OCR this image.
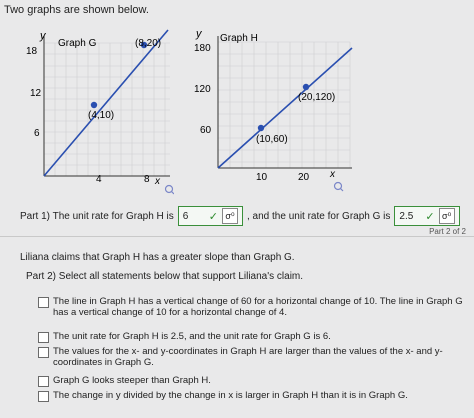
Two graphs are shown below.
y
x
Graph G
18
12
6
4	8
(4,10)
(8,20)
y
x
Graph H
180
120
60
10	20
(10,60)
(20,120)
Part 1) The unit rate for Graph H is 6	✓ σ⁰	, and the unit rate for Graph G is 2.5	✓ σ⁰
Part 2 of 2
Liliana claims that Graph H has a greater slope than Graph G.
Part 2) Select all statements below that support Liliana's claim.
The line in Graph H has a vertical change of 60 for a horizontal change of 10. The line in Graph G has a vertical change of 10 for a horizontal change of 4.
The unit rate for Graph H is 2.5, and the unit rate for Graph G is 6.
The values for the x- and y-coordinates in Graph H are larger than the values of the x- and y-coordinates in Graph G.
Graph G looks steeper than Graph H.
The change in y divided by the change in x is larger in Graph H than it is in Graph G.
